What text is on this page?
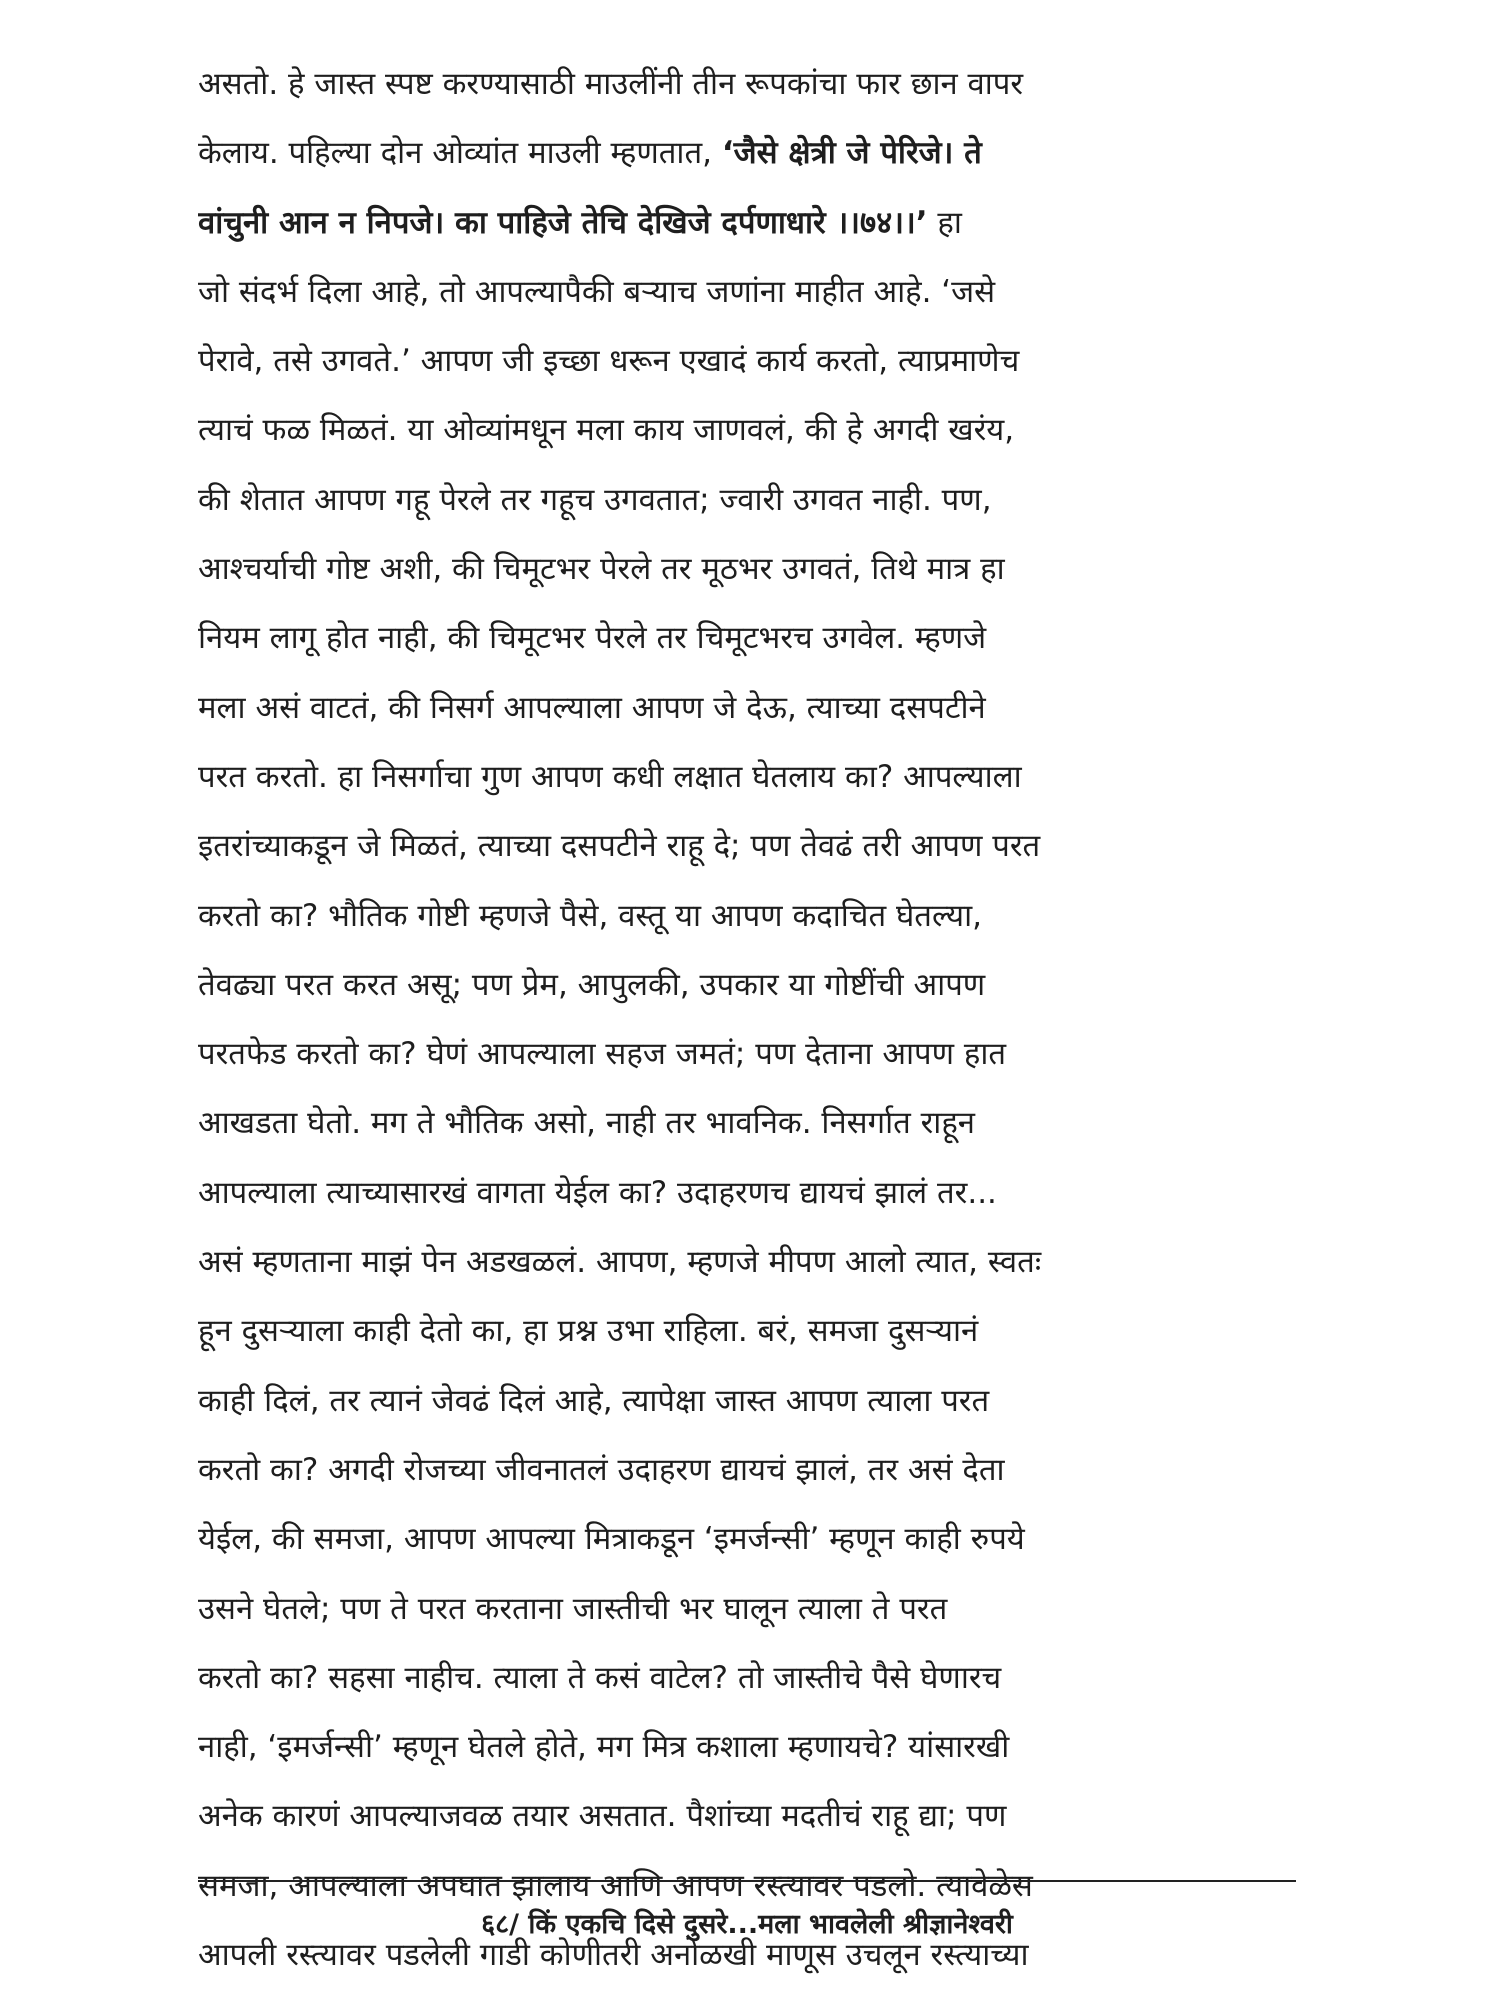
असतो. हे जास्त स्पष्ट करण्यासाठी माउलींनी तीन रूपकांचा फार छान वापर
केलाय. पहिल्या दोन ओव्यांत माउली म्हणतात, ‘जैसे क्षेत्री जे पेरिजे। ते
वांचुनी आन न निपजे। का पाहिजे तेचि देखिजे दर्पणाधारे ।।७४।।’ हा
जो संदर्भ दिला आहे, तो आपल्यापैकी बऱ्याच जणांना माहीत आहे. ‘जसे
पेरावे, तसे उगवते.’ आपण जी इच्छा धरून एखादं कार्य करतो, त्याप्रमाणेच
त्याचं फळ मिळतं. या ओव्यांमधून मला काय जाणवलं, की हे अगदी खरंय,
की शेतात आपण गहू पेरले तर गहूच उगवतात; ज्वारी उगवत नाही. पण,
आश्चर्याची गोष्ट अशी, की चिमूटभर पेरले तर मूठभर उगवतं, तिथे मात्र हा
नियम लागू होत नाही, की चिमूटभर पेरले तर चिमूटभरच उगवेल. म्हणजे
मला असं वाटतं, की निसर्ग आपल्याला आपण जे देऊ, त्याच्या दसपटीने
परत करतो. हा निसर्गाचा गुण आपण कधी लक्षात घेतलाय का? आपल्याला
इतरांच्याकडून जे मिळतं, त्याच्या दसपटीने राहू दे; पण तेवढं तरी आपण परत
करतो का? भौतिक गोष्टी म्हणजे पैसे, वस्तू या आपण कदाचित घेतल्या,
तेवढ्या परत करत असू; पण प्रेम, आपुलकी, उपकार या गोष्टींची आपण
परतफेड करतो का? घेणं आपल्याला सहज जमतं; पण देताना आपण हात
आखडता घेतो. मग ते भौतिक असो, नाही तर भावनिक. निसर्गात राहून
आपल्याला त्याच्यासारखं वागता येईल का? उदाहरणच द्यायचं झालं तर...
असं म्हणताना माझं पेन अडखळलं. आपण, म्हणजे मीपण आलो त्यात, स्वतः
हून दुसऱ्याला काही देतो का, हा प्रश्न उभा राहिला. बरं, समजा दुसऱ्यानं
काही दिलं, तर त्यानं जेवढं दिलं आहे, त्यापेक्षा जास्त आपण त्याला परत
करतो का? अगदी रोजच्या जीवनातलं उदाहरण द्यायचं झालं, तर असं देता
येईल, की समजा, आपण आपल्या मित्राकडून ‘इमर्जन्सी’ म्हणून काही रुपये
उसने घेतले; पण ते परत करताना जास्तीची भर घालून त्याला ते परत
करतो का? सहसा नाहीच. त्याला ते कसं वाटेल? तो जास्तीचे पैसे घेणारच
नाही, ‘इमर्जन्सी’ म्हणून घेतले होते, मग मित्र कशाला म्हणायचे? यांसारखी
अनेक कारणं आपल्याजवळ तयार असतात. पैशांच्या मदतीचं राहू द्या; पण
समजा, आपल्याला अपघात झालाय आणि आपण रस्त्यावर पडलो. त्यावेळेस
आपली रस्त्यावर पडलेली गाडी कोणीतरी अनोळखी माणूस उचलून रस्त्याच्या
६८/ किं एकचि दिसे दुसरे...मला भावलेली श्रीज्ञानेश्वरी
